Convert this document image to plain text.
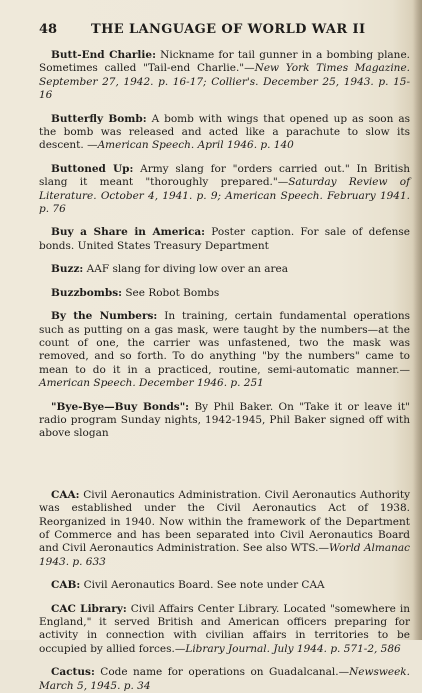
48	THE LANGUAGE OF WORLD WAR II

Butt-End Charlie: Nickname for tail gunner in a bombing plane. Sometimes called "Tail-end Charlie."—New York Times Magazine. September 27, 1942. p. 16-17; Collier's. December 25, 1943. p. 15-16

Butterfly Bomb: A bomb with wings that opened up as soon as the bomb was released and acted like a parachute to slow its descent. —American Speech. April 1946. p. 140

Buttoned Up: Army slang for "orders carried out." In British slang it meant "thoroughly prepared."—Saturday Review of Literature. October 4, 1941. p. 9; American Speech. February 1941. p. 76

Buy a Share in America: Poster caption. For sale of defense bonds. United States Treasury Department

Buzz: AAF slang for diving low over an area

Buzzbombs: See Robot Bombs

By the Numbers: In training, certain fundamental operations such as putting on a gas mask, were taught by the numbers—at the count of one, the carrier was unfastened, two the mask was removed, and so forth. To do anything "by the numbers" came to mean to do it in a practiced, routine, semi-automatic manner.—American Speech. December 1946. p. 251

"Bye-Bye—Buy Bonds": By Phil Baker. On "Take it or leave it" radio program Sunday nights, 1942-1945, Phil Baker signed off with above slogan

CAA: Civil Aeronautics Administration. Civil Aeronautics Authority was established under the Civil Aeronautics Act of 1938. Reorganized in 1940. Now within the framework of the Department of Commerce and has been separated into Civil Aeronautics Board and Civil Aeronautics Administration. See also WTS.—World Almanac 1943. p. 633

CAB: Civil Aeronautics Board. See note under CAA

CAC Library: Civil Affairs Center Library. Located "somewhere in England," it served British and American officers preparing for activity in connection with civilian affairs in territories to be occupied by allied forces.—Library Journal. July 1944. p. 571-2, 586

Cactus: Code name for operations on Guadalcanal.—Newsweek. March 5, 1945. p. 34
